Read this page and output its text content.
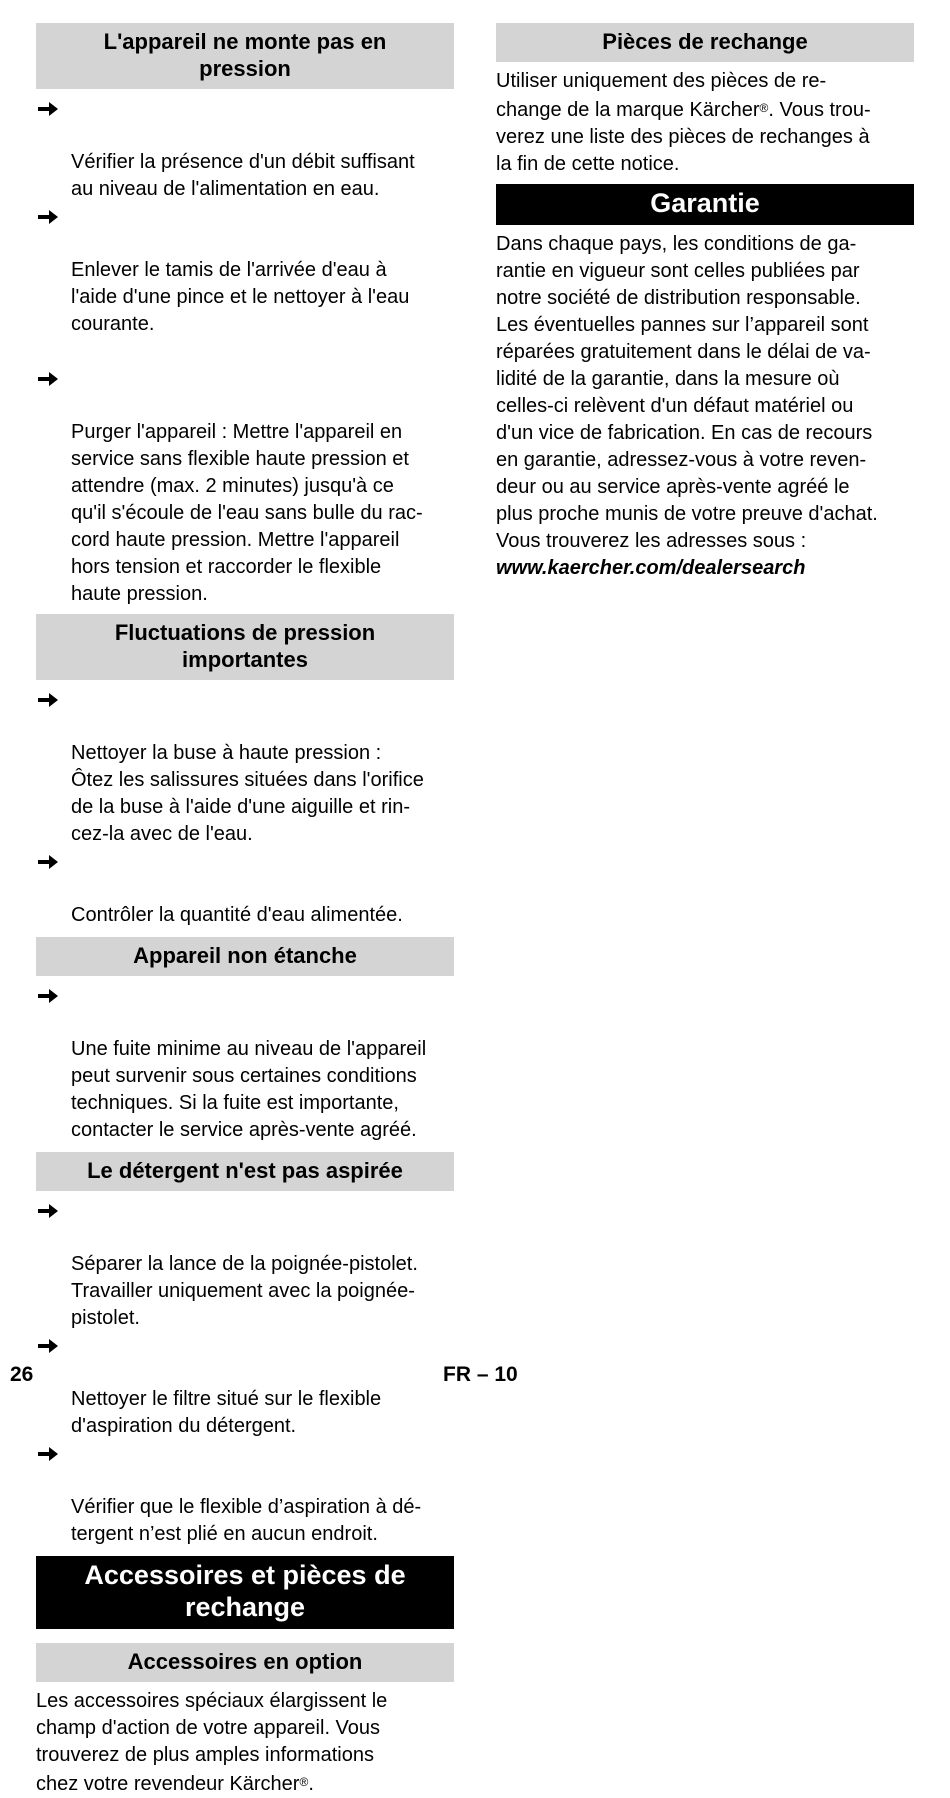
L'appareil ne monte pas en
pression

Vérifier la présence d'un débit suffisant
au niveau de l'alimentation en eau.

Enlever le tamis de l'arrivée d'eau à
l'aide d'une pince et le nettoyer à l'eau
courante.

Purger l'appareil : Mettre l'appareil en
service sans flexible haute pression et
attendre (max. 2 minutes) jusqu'à ce
qu'il s'écoule de l'eau sans bulle du rac-
cord haute pression. Mettre l'appareil
hors tension et raccorder le flexible
haute pression.

Fluctuations de pression
importantes

Nettoyer la buse à haute pression :
Ôtez les salissures situées dans l'orifice
de la buse à l'aide d'une aiguille et rin-
cez-la avec de l'eau.

Contrôler la quantité d'eau alimentée.

Appareil non étanche

Une fuite minime au niveau de l'appareil
peut survenir sous certaines conditions
techniques. Si la fuite est importante,
contacter le service après-vente agréé.

Le détergent n'est pas aspirée

Séparer la lance de la poignée-pistolet.
Travailler uniquement avec la poignée-
pistolet.

Nettoyer le filtre situé sur le flexible
d'aspiration du détergent.

Vérifier que le flexible d’aspiration à dé-
tergent n’est plié en aucun endroit.

Accessoires et pièces de
rechange
Accessoires en option
Les accessoires spéciaux élargissent le
champ d'action de votre appareil. Vous
trouverez de plus amples informations
chez votre revendeur Kärcher®.
Pièces de rechange
Utiliser uniquement des pièces de re-
change de la marque Kärcher®. Vous trou-
verez une liste des pièces de rechanges à
la fin de cette notice.
Garantie
Dans chaque pays, les conditions de ga-
rantie en vigueur sont celles publiées par
notre société de distribution responsable.
Les éventuelles pannes sur l’appareil sont
réparées gratuitement dans le délai de va-
lidité de la garantie, dans la mesure où
celles-ci relèvent d'un défaut matériel ou
d'un vice de fabrication. En cas de recours
en garantie, adressez-vous à votre reven-
deur ou au service après-vente agréé le
plus proche munis de votre preuve d'achat.
Vous trouverez les adresses sous :
www.kaercher.com/dealersearch
26	FR – 10
